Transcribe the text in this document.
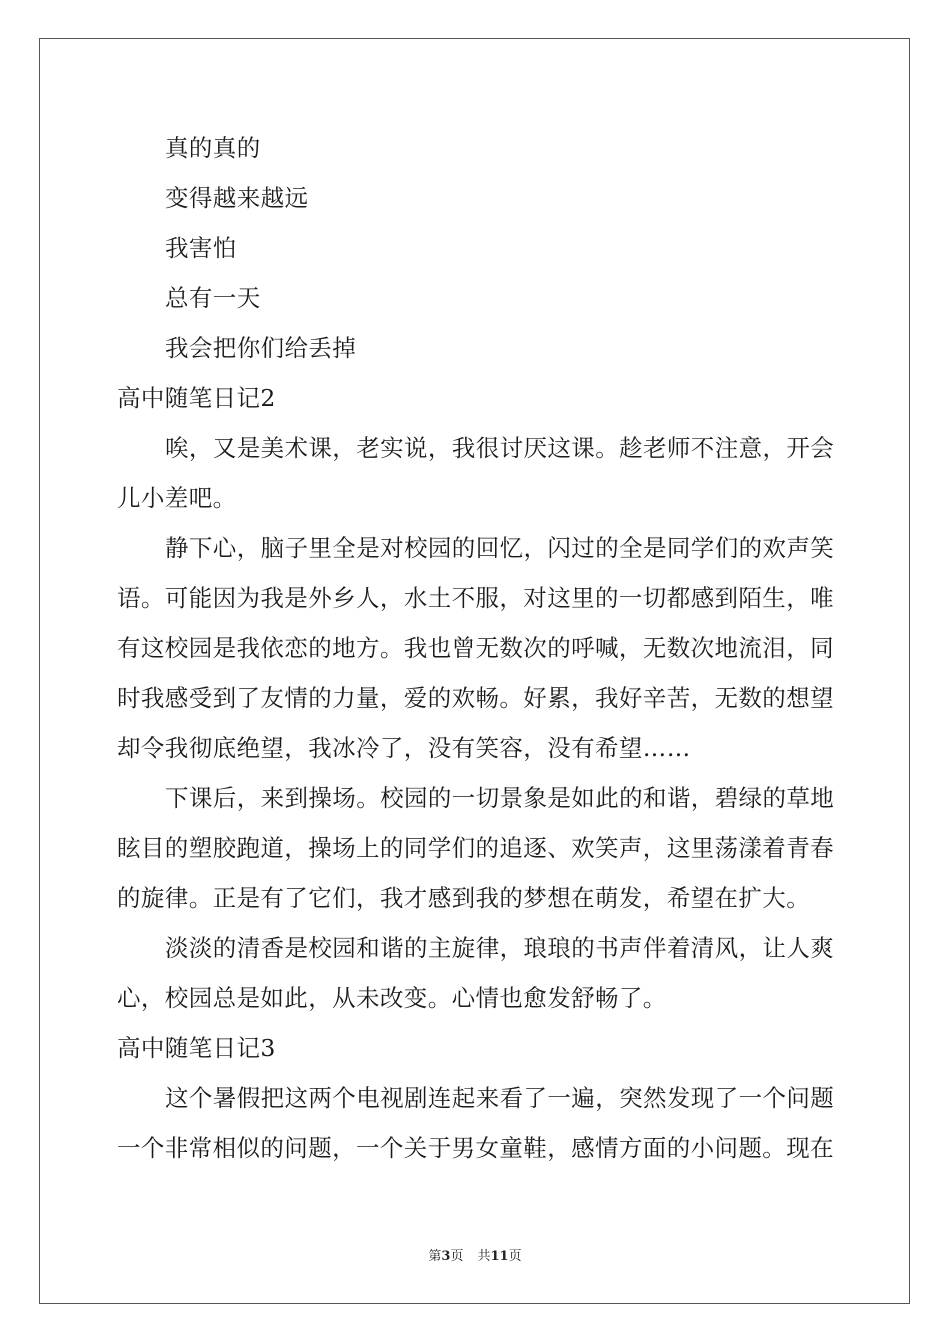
真的真的
变得越来越远
我害怕
总有一天
我会把你们给丢掉
高中随笔日记2
唉，又是美术课，老实说，我很讨厌这课。趁老师不注意，开会
儿小差吧。
静下心，脑子里全是对校园的回忆，闪过的全是同学们的欢声笑
语。可能因为我是外乡人，水土不服，对这里的一切都感到陌生，唯
有这校园是我依恋的地方。我也曾无数次的呼喊，无数次地流泪，同
时我感受到了友情的力量，爱的欢畅。好累，我好辛苦，无数的想望
却令我彻底绝望，我冰冷了，没有笑容，没有希望……
下课后，来到操场。校园的一切景象是如此的和谐，碧绿的草地
眩目的塑胶跑道，操场上的同学们的追逐、欢笑声，这里荡漾着青春
的旋律。正是有了它们，我才感到我的梦想在萌发，希望在扩大。
淡淡的清香是校园和谐的主旋律，琅琅的书声伴着清风，让人爽
心，校园总是如此，从未改变。心情也愈发舒畅了。
高中随笔日记3
这个暑假把这两个电视剧连起来看了一遍，突然发现了一个问题
一个非常相似的问题，一个关于男女童鞋，感情方面的小问题。现在
第3页 共11页
